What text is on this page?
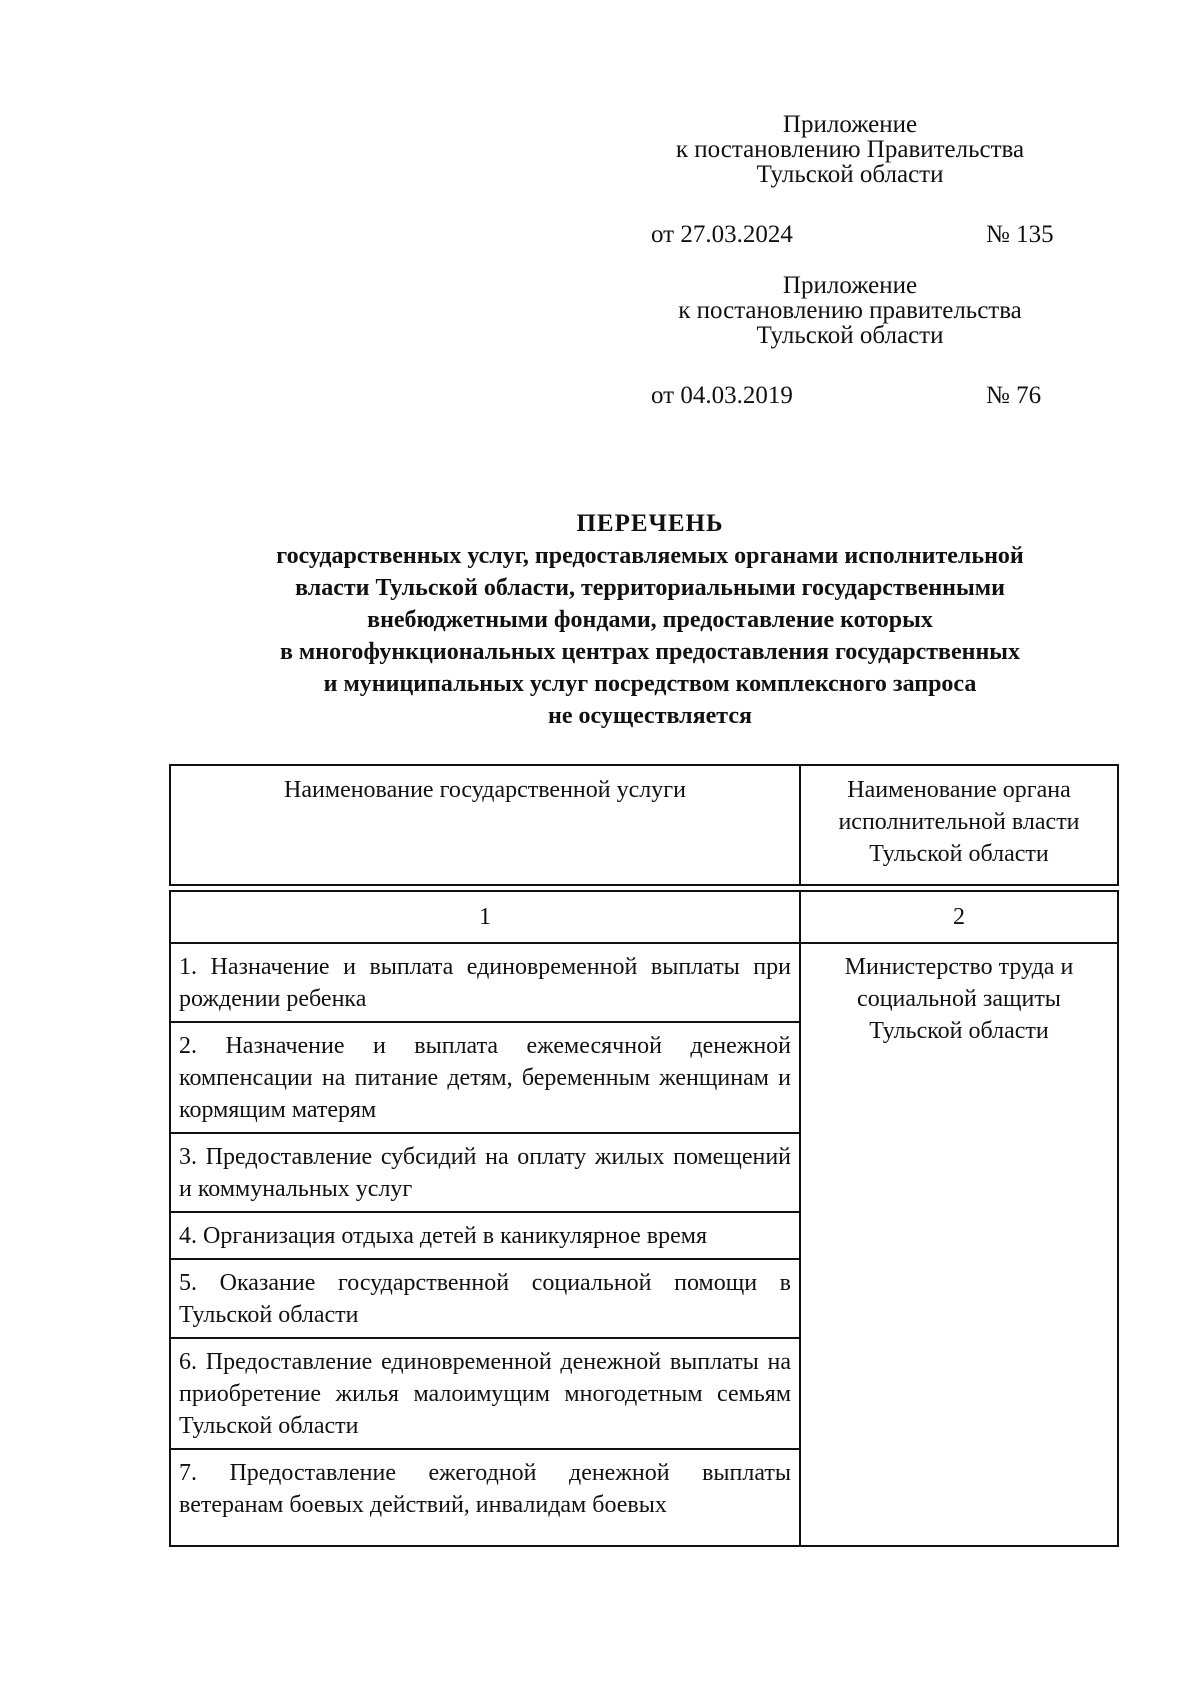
Приложение
к постановлению Правительства
Тульской области
от 27.03.2024	№ 135
Приложение
к постановлению правительства
Тульской области
от 04.03.2019	№ 76
ПЕРЕЧЕНЬ
государственных услуг, предоставляемых органами исполнительной
власти Тульской области, территориальными государственными
внебюджетными фондами, предоставление которых
в многофункциональных центрах предоставления государственных
и муниципальных услуг посредством комплексного запроса
не осуществляется
Наименование государственной услуги	Наименование органа исполнительной власти Тульской области

1	2
1. Назначение и выплата единовременной выплаты при рождении ребенка	Министерство труда и социальной защиты Тульской области
2. Назначение и выплата ежемесячной денежной компенсации на питание детям, беременным женщинам и кормящим матерям	
3. Предоставление субсидий на оплату жилых помещений и коммунальных услуг	
4. Организация отдыха детей в каникулярное время	
5. Оказание государственной социальной помощи в Тульской области	
6. Предоставление единовременной денежной выплаты на приобретение жилья малоимущим многодетным семьям Тульской области	

7. Предоставление ежегодной денежной выплаты ветеранам боевых действий, инвалидам боевых	
